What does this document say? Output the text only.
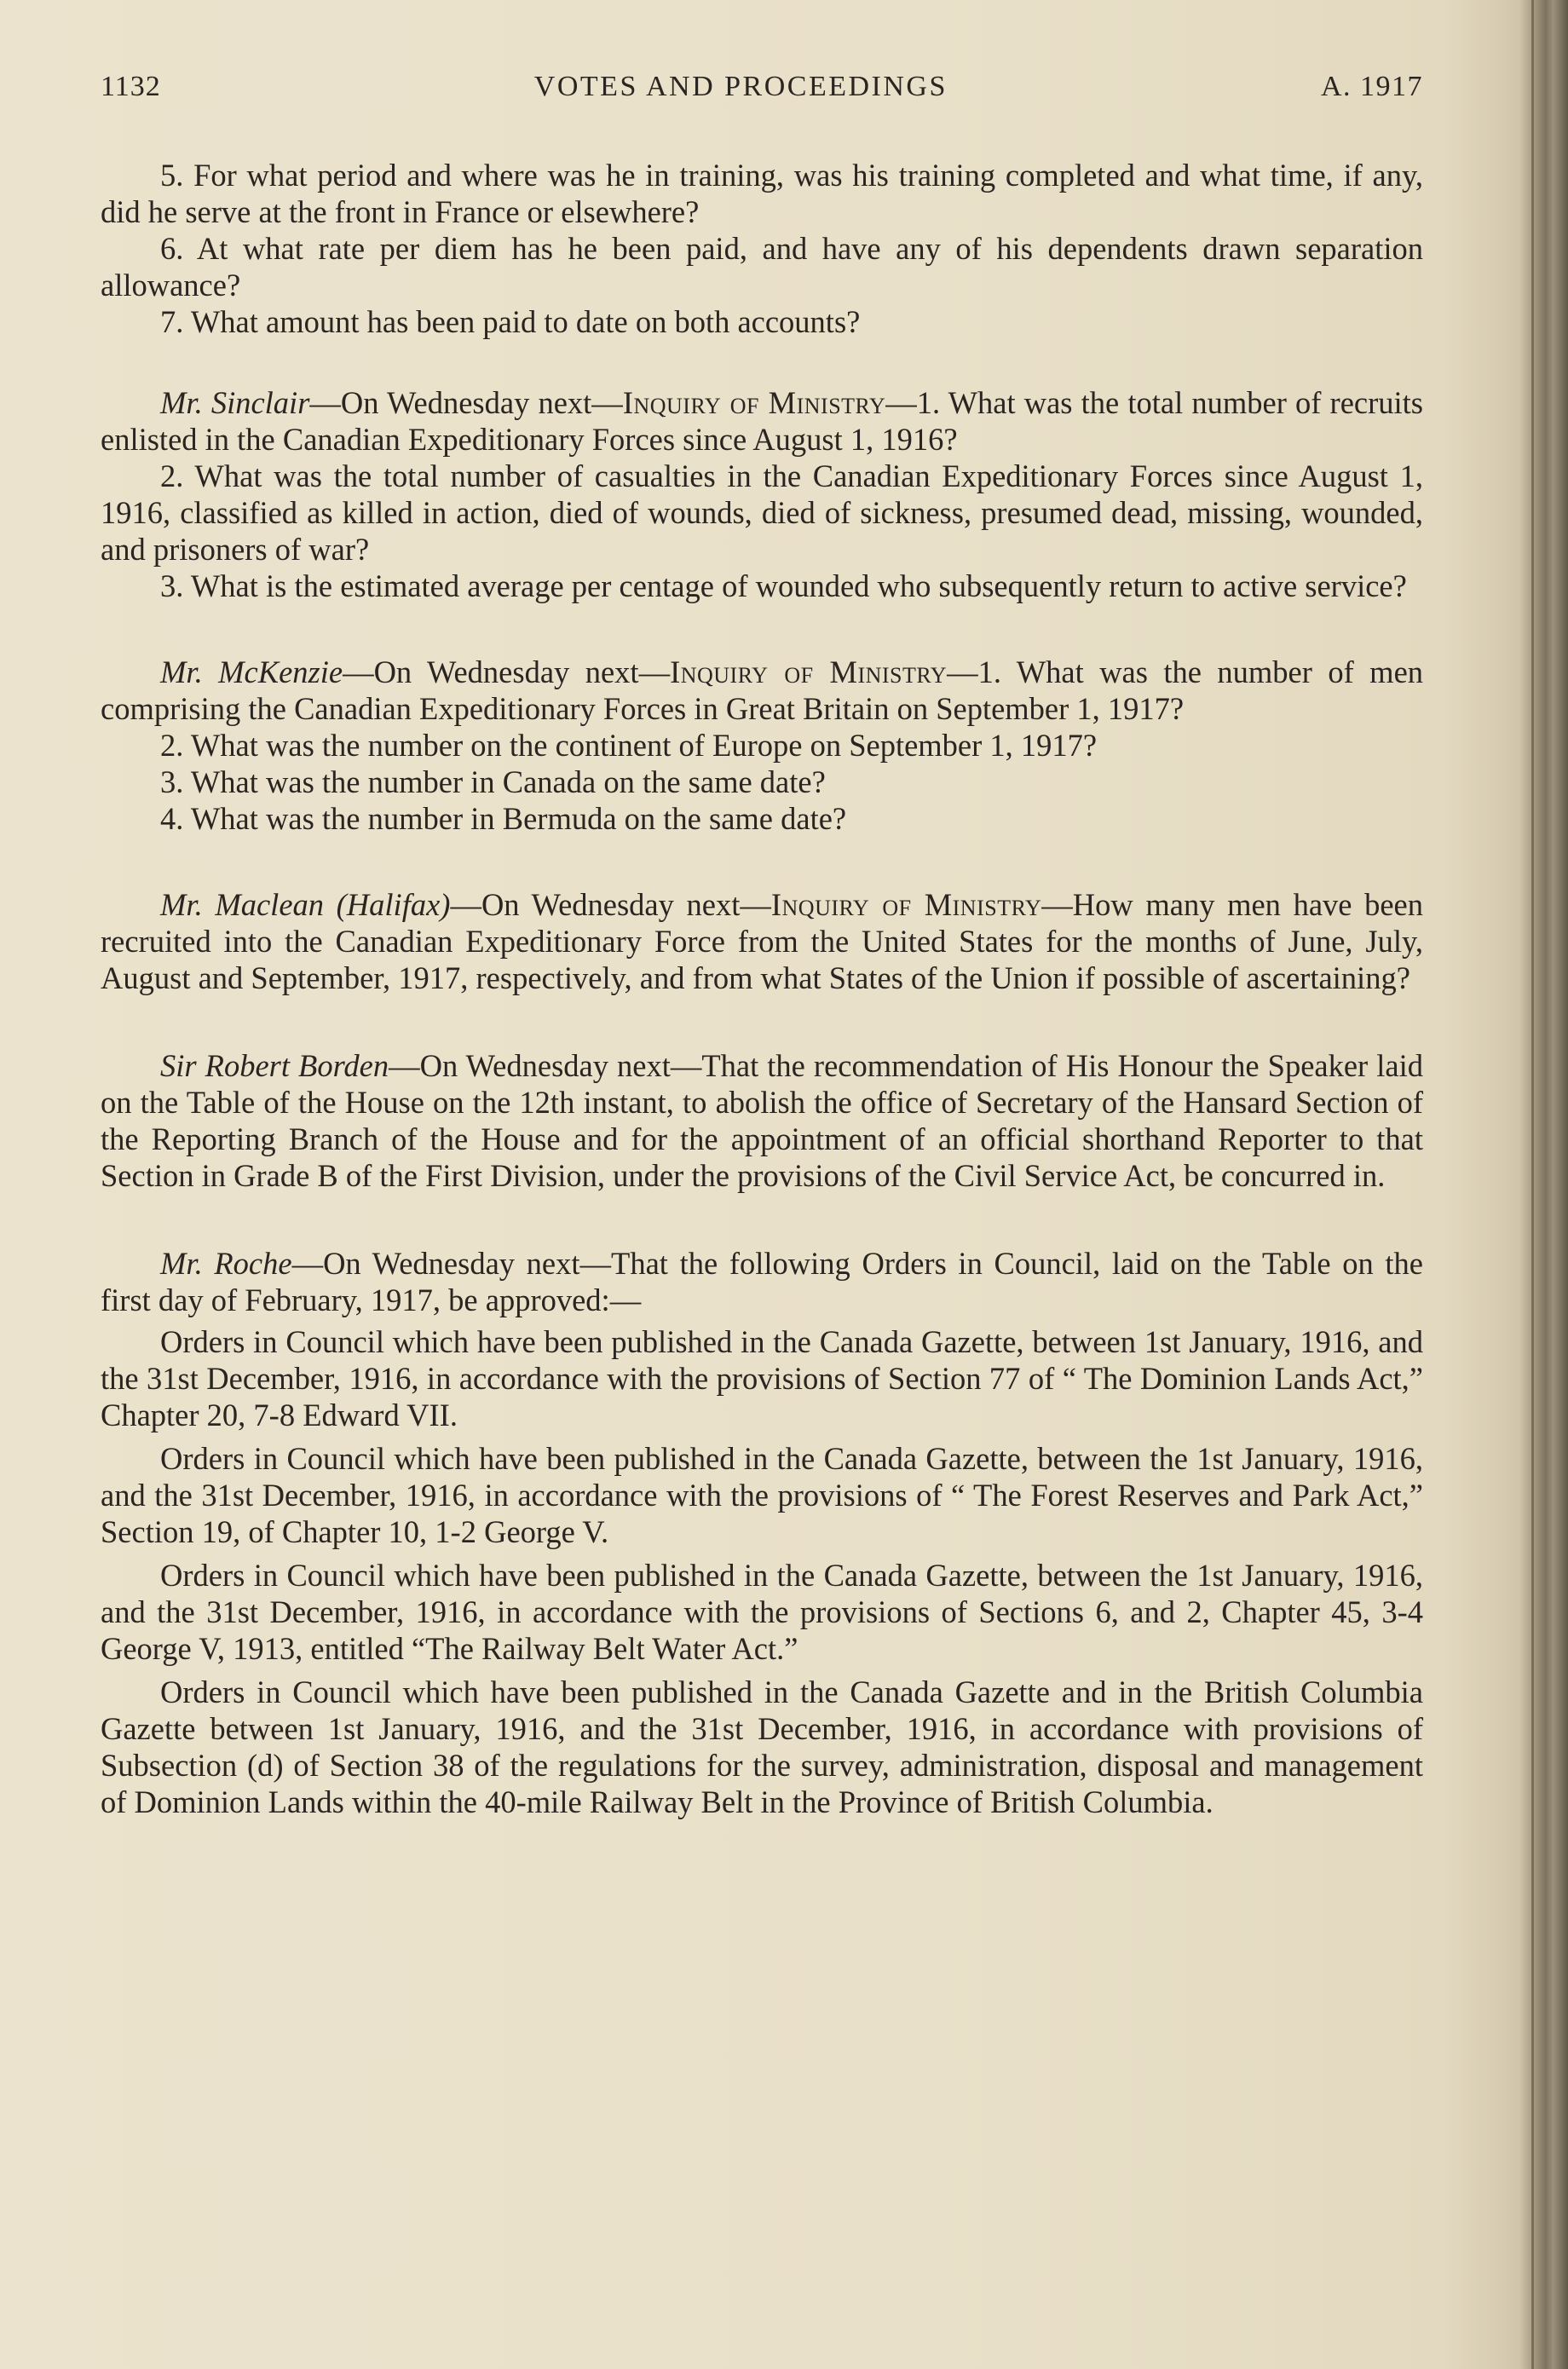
1132	VOTES AND PROCEEDINGS	A. 1917

5. For what period and where was he in training, was his training completed and what time, if any, did he serve at the front in France or elsewhere?

6. At what rate per diem has he been paid, and have any of his dependents drawn separation allowance?

7. What amount has been paid to date on both accounts?

Mr. Sinclair—On Wednesday next—Inquiry of Ministry—1. What was the total number of recruits enlisted in the Canadian Expeditionary Forces since August 1, 1916?

2. What was the total number of casualties in the Canadian Expeditionary Forces since August 1, 1916, classified as killed in action, died of wounds, died of sickness, presumed dead, missing, wounded, and prisoners of war?

3. What is the estimated average per centage of wounded who subsequently return to active service?

Mr. McKenzie—On Wednesday next—Inquiry of Ministry—1. What was the number of men comprising the Canadian Expeditionary Forces in Great Britain on September 1, 1917?

2. What was the number on the continent of Europe on September 1, 1917?

3. What was the number in Canada on the same date?

4. What was the number in Bermuda on the same date?

Mr. Maclean (Halifax)—On Wednesday next—Inquiry of Ministry—How many men have been recruited into the Canadian Expeditionary Force from the United States for the months of June, July, August and September, 1917, respectively, and from what States of the Union if possible of ascertaining?

Sir Robert Borden—On Wednesday next—That the recommendation of His Honour the Speaker laid on the Table of the House on the 12th instant, to abolish the office of Secretary of the Hansard Section of the Reporting Branch of the House and for the appointment of an official shorthand Reporter to that Section in Grade B of the First Division, under the provisions of the Civil Service Act, be concurred in.

Mr. Roche—On Wednesday next—That the following Orders in Council, laid on the Table on the first day of February, 1917, be approved:—

Orders in Council which have been published in the Canada Gazette, between 1st January, 1916, and the 31st December, 1916, in accordance with the provisions of Section 77 of “ The Dominion Lands Act,” Chapter 20, 7-8 Edward VII.

Orders in Council which have been published in the Canada Gazette, between the 1st January, 1916, and the 31st December, 1916, in accordance with the provisions of “ The Forest Reserves and Park Act,” Section 19, of Chapter 10, 1-2 George V.

Orders in Council which have been published in the Canada Gazette, between the 1st January, 1916, and the 31st December, 1916, in accordance with the provisions of Sections 6, and 2, Chapter 45, 3-4 George V, 1913, entitled “The Railway Belt Water Act.”

Orders in Council which have been published in the Canada Gazette and in the British Columbia Gazette between 1st January, 1916, and the 31st December, 1916, in accordance with provisions of Subsection (d) of Section 38 of the regulations for the survey, administration, disposal and management of Dominion Lands within the 40-mile Railway Belt in the Province of British Columbia.
